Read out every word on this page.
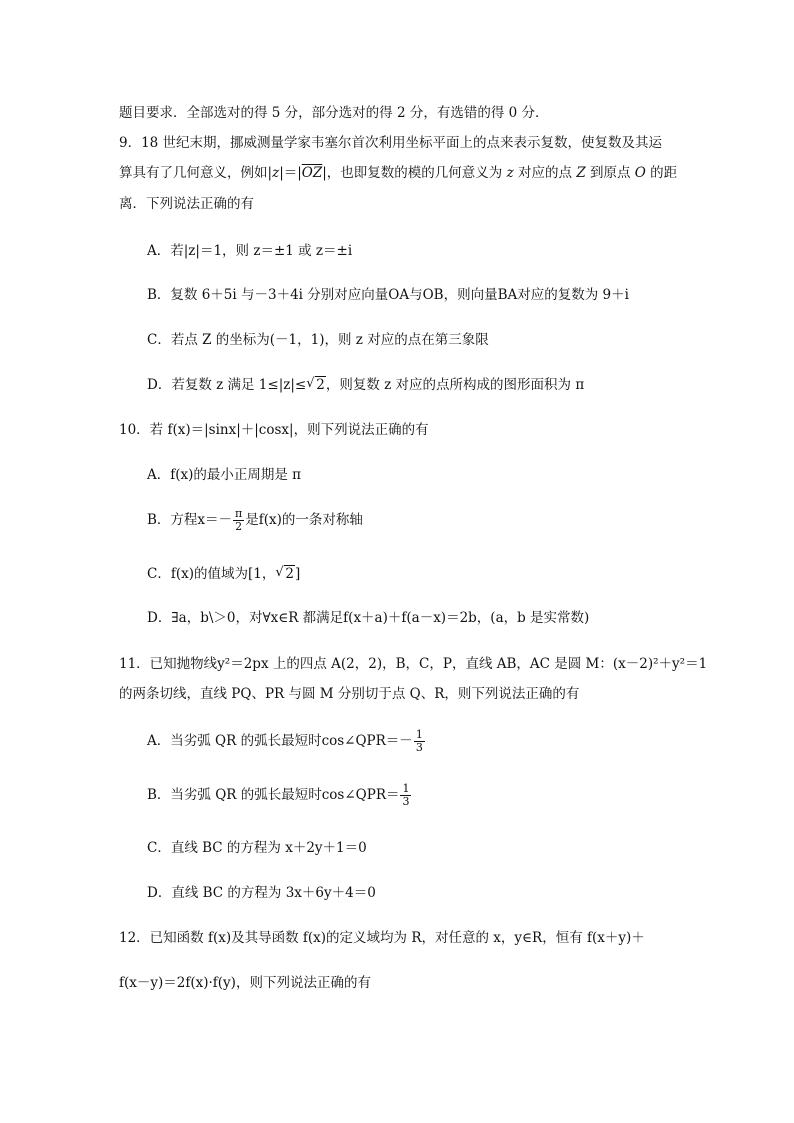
题目要求．全部选对的得 5 分，部分选对的得 2 分，有选错的得 0 分．
9．18 世纪末期，挪威测量学家韦塞尔首次利用坐标平面上的点来表示复数，使复数及其运
算具有了几何意义，例如$|z|=|\overline{OZ}|$，也即复数的模的几何意义为 z 对应的点 Z 到原点 O 的距
离．下列说法正确的有
A．若|z|＝1，则 z＝±1 或 z＝±i
B．复数 6＋5i 与－3＋4i 分别对应向量OA与OB，则向量BA对应的复数为 9＋i
C．若点 Z 的坐标为(－1，1)，则 z 对应的点在第三象限
D．若复数 z 满足 1≤|z|≤ √ 2，则复数 z 对应的点所构成的图形面积为 π
10．若 f(x)＝|sinx|＋|cosx|，则下列说法正确的有
A．f(x)的最小正周期是 π
B．方程$x=- \frac{\pi}{2}$ 是f(x)的一条对称轴
C．f(x)的值域为[1， √ 2]
D．∃a，b\＞0，对∀x∈R 都满足f(x＋a)＋f(a－x)＝2b，(a，b 是实常数)
11．已知抛物线y²＝2px 上的四点 A(2，2)，B，C，P，直线 AB，AC 是圆 M：(x－2)²＋y²＝1
的两条切线，直线 PQ、PR 与圆 M 分别切于点 Q、R，则下列说法正确的有
A．当劣弧 QR 的弧长最短时cos∠QPR＝－ $\frac{1}{3}$
B．当劣弧 QR 的弧长最短时cos∠QPR＝ $\frac{1}{3}$
C．直线 BC 的方程为 x＋2y＋1＝0
D．直线 BC 的方程为 3x＋6y＋4＝0
12．已知函数 f(x)及其导函数 f(x)的定义域均为 R，对任意的 x，y∈R，恒有 f(x＋y)＋
f(x－y)＝2f(x)·f(y)，则下列说法正确的有
